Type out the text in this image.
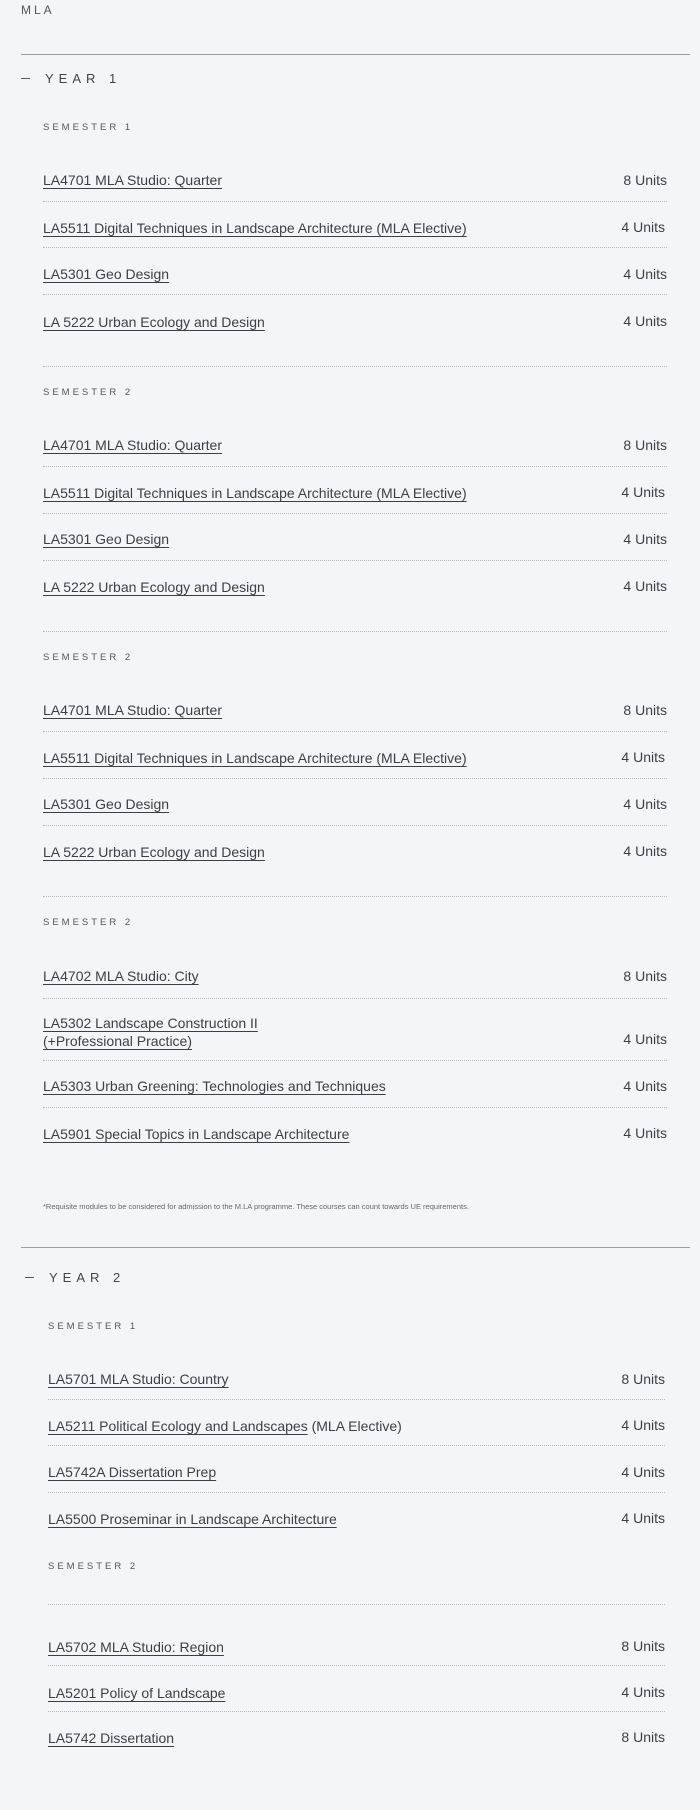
MLA
YEAR 1
SEMESTER 1
LA4701 MLA Studio: Quarter	8 Units
LA5511 Digital Techniques in Landscape Architecture (MLA Elective)	4 Units
LA5301 Geo Design	4 Units
LA 5222 Urban Ecology and Design	4 Units
SEMESTER 2
LA4701 MLA Studio: Quarter	8 Units
LA5511 Digital Techniques in Landscape Architecture (MLA Elective)	4 Units
LA5301 Geo Design	4 Units
LA 5222 Urban Ecology and Design	4 Units
SEMESTER 2
LA4701 MLA Studio: Quarter	8 Units
LA5511 Digital Techniques in Landscape Architecture (MLA Elective)	4 Units
LA5301 Geo Design	4 Units
LA 5222 Urban Ecology and Design	4 Units
SEMESTER 2
LA4702 MLA Studio: City	8 Units
LA5302 Landscape Construction II
(+Professional Practice)	4 Units
LA5303 Urban Greening: Technologies and Techniques	4 Units
LA5901 Special Topics in Landscape Architecture	4 Units
*Requisite modules to be considered for admission to the M.LA programme. These courses can count towards UE requirements.
YEAR 2
SEMESTER 1
LA5701 MLA Studio: Country	8 Units
LA5211 Political Ecology and Landscapes (MLA Elective)	4 Units
LA5742A Dissertation Prep	4 Units
LA5500 Proseminar in Landscape Architecture	4 Units
SEMESTER 2
LA5702 MLA Studio: Region	8 Units
LA5201 Policy of Landscape	4 Units
LA5742 Dissertation	8 Units
